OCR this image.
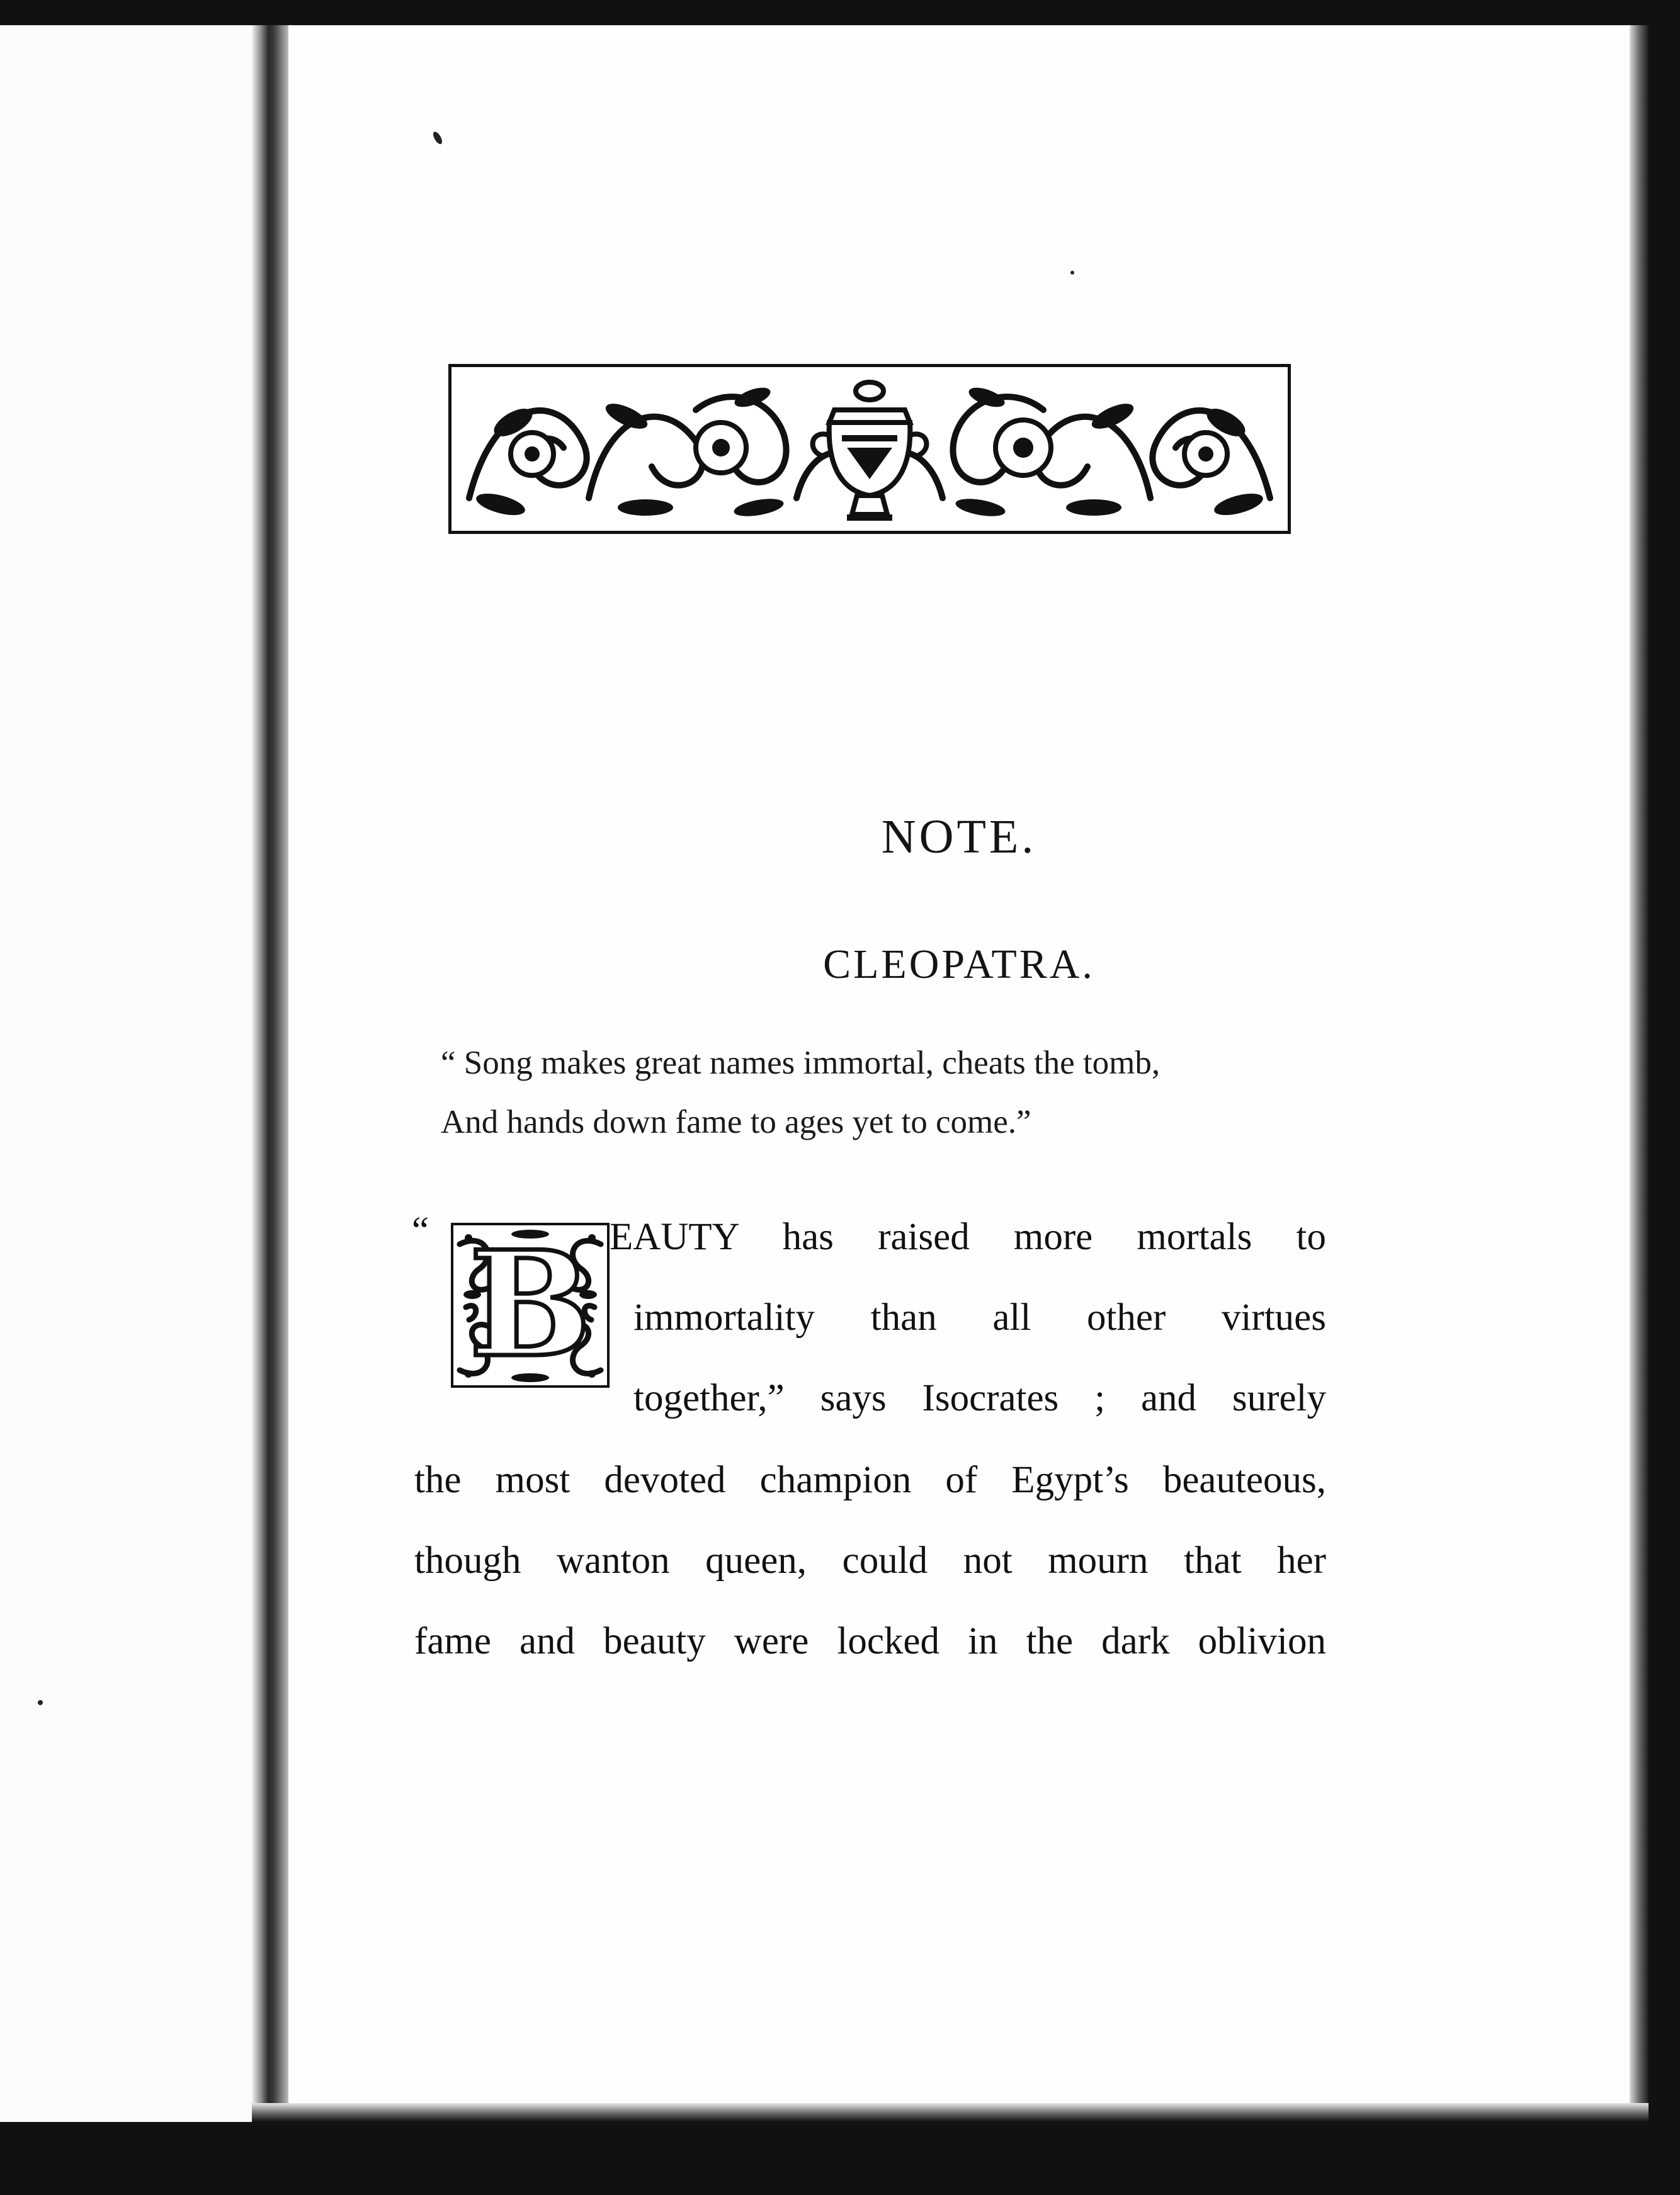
NOTE.
CLEOPATRA.
“ Song makes great names immortal, cheats the tomb,
And hands down fame to ages yet to come.”
“ B EAUTY has raised more mortals to
immortality than all other virtues
together,” says Isocrates ; and surely
the most devoted champion of Egypt’s beauteous,
though wanton queen, could not mourn that her
fame and beauty were locked in the dark oblivion
